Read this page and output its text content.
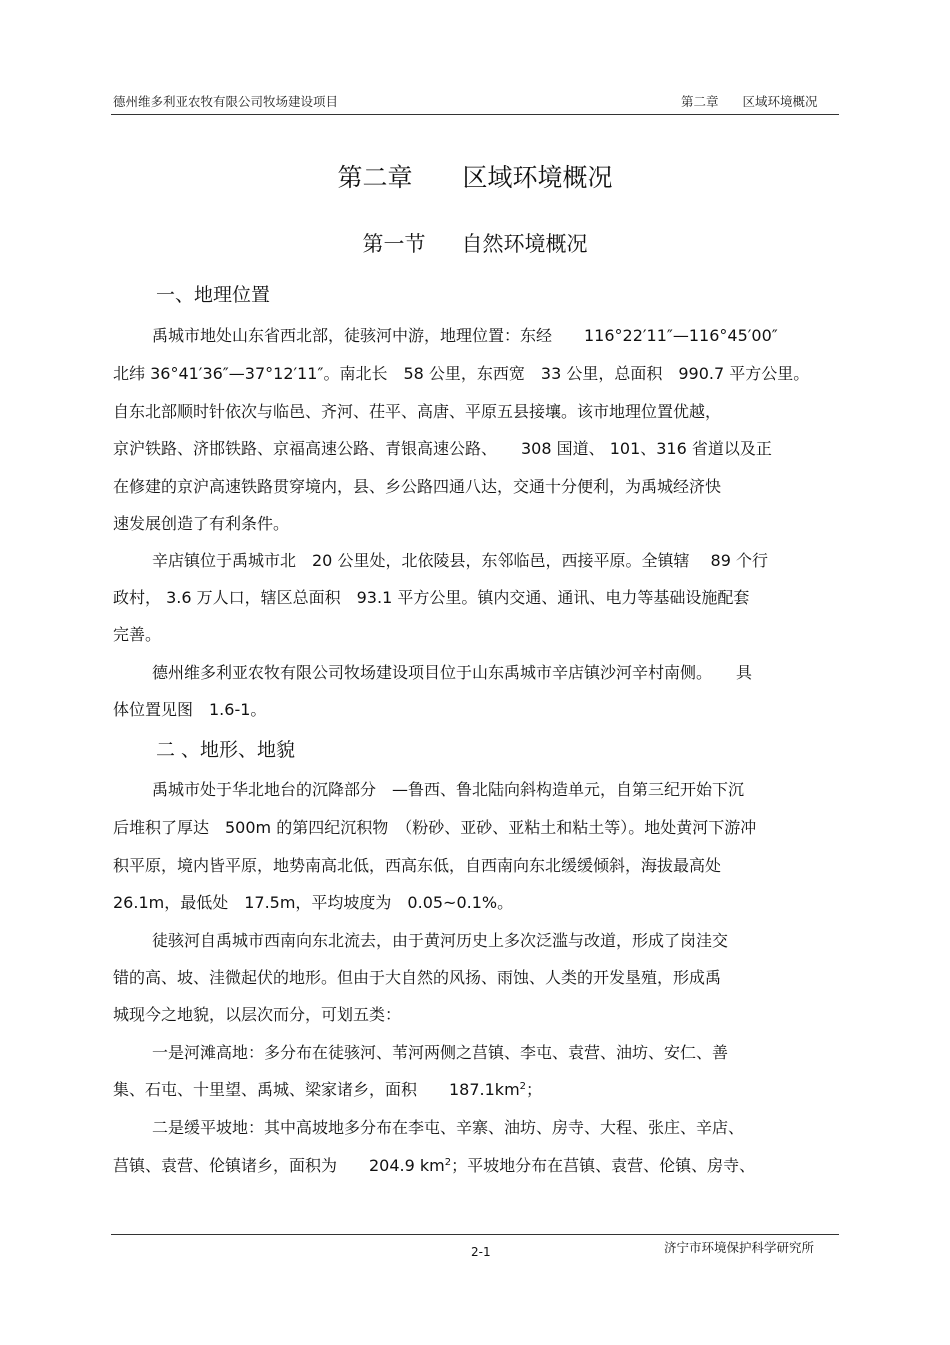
德州维多利亚农牧有限公司牧场建设项目	第二章 区域环境概况
第二章 区域环境概况
第一节 自然环境概况
一、地理位置
禹城市地处山东省西北部，徒骇河中游，地理位置：东经　　116°22′11″—116°45′00″
北纬 36°41′36″—37°12′11″。南北长　58 公里，东西宽　33 公里，总面积　990.7 平方公里。
自东北部顺时针依次与临邑、齐河、茌平、高唐、平原五县接壤。该市地理位置优越，
京沪铁路、济邯铁路、京福高速公路、青银高速公路、　　308 国道、 101、316 省道以及正
在修建的京沪高速铁路贯穿境内，县、乡公路四通八达，交通十分便利，为禹城经济快
速发展创造了有利条件。
辛店镇位于禹城市北　20 公里处，北依陵县，东邻临邑，西接平原。全镇辖　 89 个行
政村， 3.6 万人口，辖区总面积　93.1 平方公里。镇内交通、通讯、电力等基础设施配套
完善。
德州维多利亚农牧有限公司牧场建设项目位于山东禹城市辛店镇沙河辛村南侧。　　具
体位置见图　1.6-1。
二 、地形、地貌
禹城市处于华北地台的沉降部分　—鲁西、鲁北陆向斜构造单元，自第三纪开始下沉
后堆积了厚达　500m 的第四纪沉积物　（粉砂、亚砂、亚粘土和粘土等）。地处黄河下游冲
积平原，境内皆平原，地势南高北低，西高东低，自西南向东北缓缓倾斜，海拔最高处
26.1m，最低处　17.5m，平均坡度为　0.05~0.1%。
徒骇河自禹城市西南向东北流去，由于黄河历史上多次泛滥与改道，形成了岗洼交
错的高、坡、洼微起伏的地形。但由于大自然的风扬、雨蚀、人类的开发垦殖，形成禹
城现今之地貌，以层次而分，可划五类：
一是河滩高地：多分布在徒骇河、苇河两侧之莒镇、李屯、袁营、油坊、安仁、善
集、石屯、十里望、禹城、梁家诸乡，面积　　$187.1km^2$；
二是缓平坡地：其中高坡地多分布在李屯、辛寨、油坊、房寺、大程、张庄、辛店、
莒镇、袁营、伦镇诸乡，面积为　　204.9 $km^2$；平坡地分布在莒镇、袁营、伦镇、房寺、
2-1	济宁市环境保护科学研究所
